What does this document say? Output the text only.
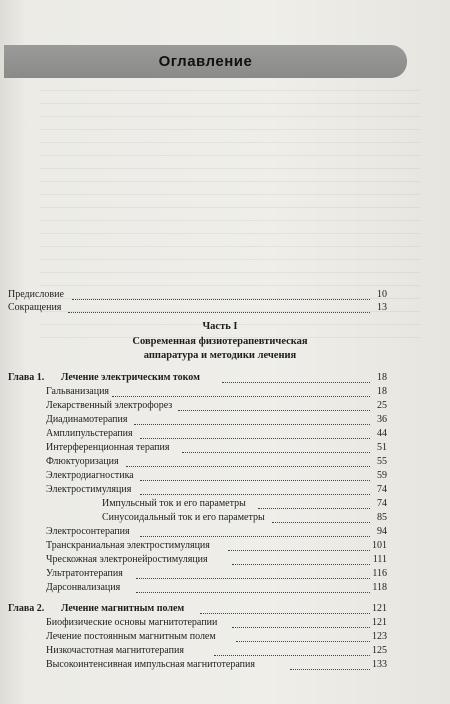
Оглавление
Предисловие	10
Сокращения	13
Часть I
Современная физиотерапевтическая
аппаратура и методики лечения
Глава 1. Лечение электрическим током	18
Гальванизация	18
Лекарственный электрофорез	25
Диадинамотерапия	36
Амплипульстерапия	44
Интерференционная терапия	51
Флюктуоризация	55
Электродиагностика	59
Электростимуляция	74
Импульсный ток и его параметры	74
Синусоидальный ток и его параметры	85
Электросонтерапия	94
Транскраниальная электростимуляция	101
Чрескожная электронейростимуляция	111
Ультратонтерапия	116
Дарсонвализация	118
Глава 2. Лечение магнитным полем	121
Биофизические основы магнитотерапии	121
Лечение постоянным магнитным полем	123
Низкочастотная магнитотерапия	125
Высокоинтенсивная импульсная магнитотерапия	133
